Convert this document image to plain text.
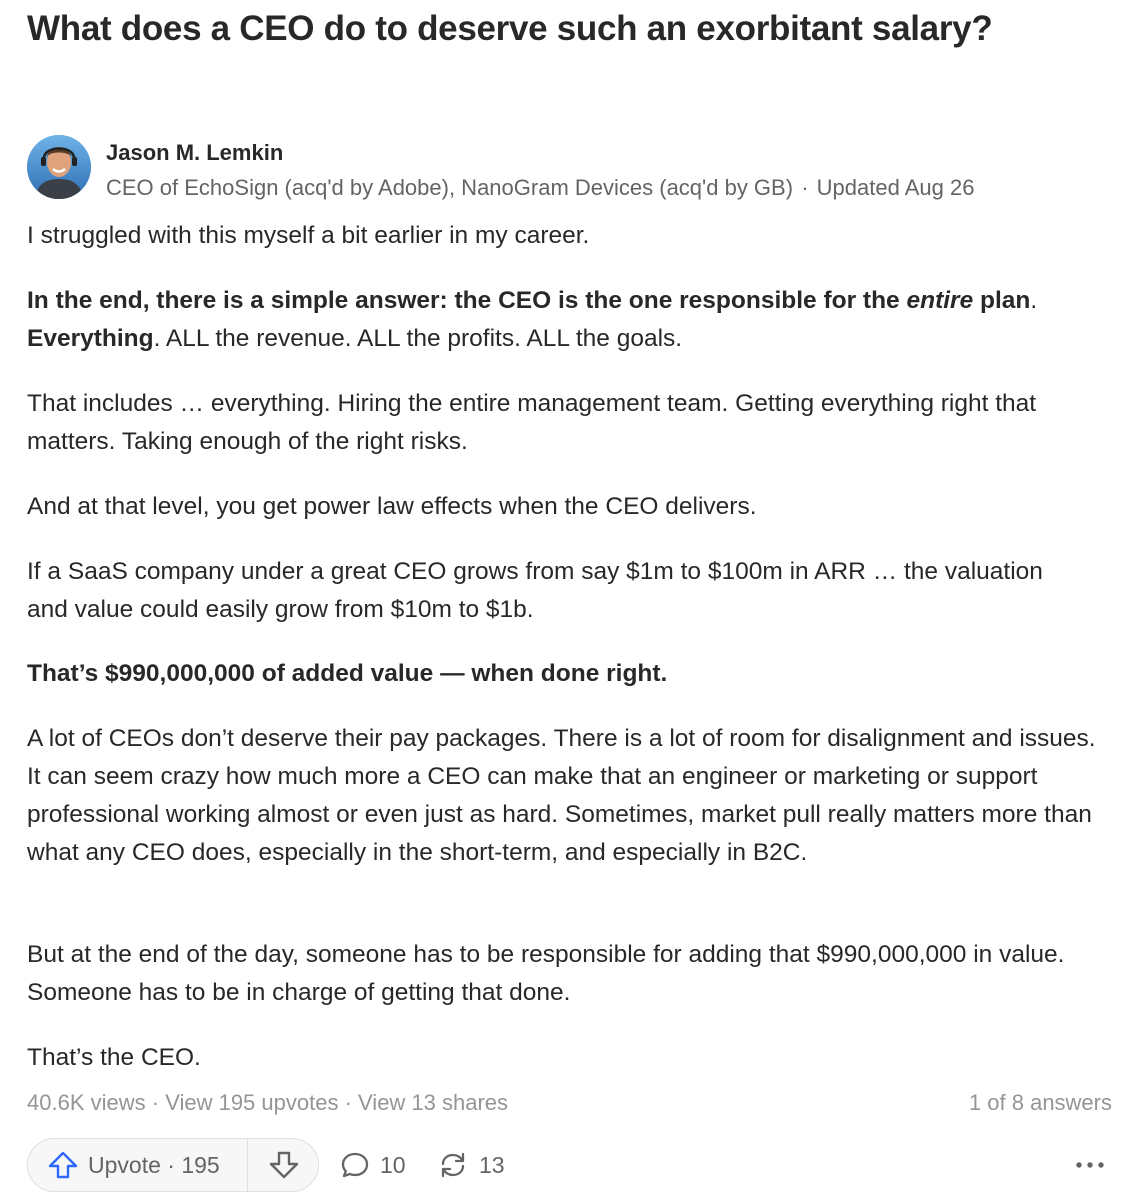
What does a CEO do to deserve such an exorbitant salary?
Jason M. Lemkin
CEO of EchoSign (acq'd by Adobe), NanoGram Devices (acq'd by GB) · Updated Aug 26

I struggled with this myself a bit earlier in my career.

In the end, there is a simple answer: the CEO is the one responsible for the entire plan. Everything. ALL the revenue. ALL the profits. ALL the goals.

That includes … everything. Hiring the entire management team. Getting everything right that matters. Taking enough of the right risks.

And at that level, you get power law effects when the CEO delivers.

If a SaaS company under a great CEO grows from say $1m to $100m in ARR … the valuation and value could easily grow from $10m to $1b.

That’s $990,000,000 of added value — when done right.

A lot of CEOs don’t deserve their pay packages. There is a lot of room for disalignment and issues. It can seem crazy how much more a CEO can make that an engineer or marketing or support professional working almost or even just as hard. Sometimes, market pull really matters more than what any CEO does, especially in the short-term, and especially in B2C.

But at the end of the day, someone has to be responsible for adding that $990,000,000 in value. Someone has to be in charge of getting that done.

That’s the CEO.

40.6K views · View 195 upvotes · View 13 shares	1 of 8 answers
Upvote · 195	10	13
